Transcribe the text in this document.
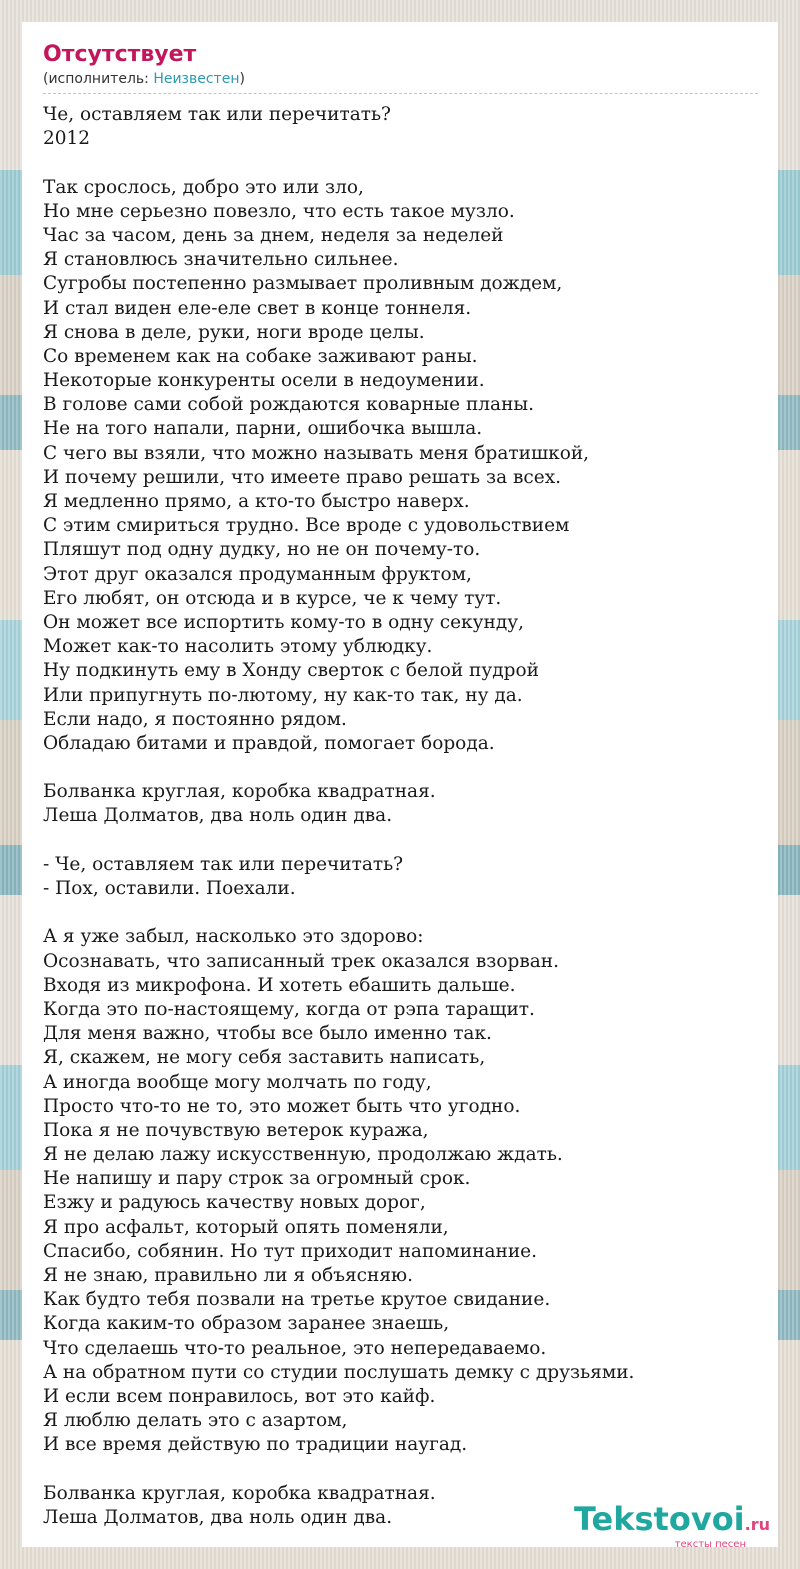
Отсутствует
(исполнитель: Неизвестен)
Че, оставляем так или перечитать?
2012
Так срослось, добро это или зло,
Но мне серьезно повезло, что есть такое музло.
Час за часом, день за днем, неделя за неделей
Я становлюсь значительно сильнее.
Сугробы постепенно размывает проливным дождем,
И стал виден еле-еле свет в конце тоннеля.
Я снова в деле, руки, ноги вроде целы.
Со временем как на собаке заживают раны.
Некоторые конкуренты осели в недоумении.
В голове сами собой рождаются коварные планы.
Не на того напали, парни, ошибочка вышла.
С чего вы взяли, что можно называть меня братишкой,
И почему решили, что имеете право решать за всех.
Я медленно прямо, а кто-то быстро наверх.
С этим смириться трудно. Все вроде с удовольствием
Пляшут под одну дудку, но не он почему-то.
Этот друг оказался продуманным фруктом,
Его любят, он отсюда и в курсе, че к чему тут.
Он может все испортить кому-то в одну секунду,
Может как-то насолить этому ублюдку.
Ну подкинуть ему в Хонду сверток с белой пудрой
Или припугнуть по-лютому, ну как-то так, ну да.
Если надо, я постоянно рядом.
Обладаю битами и правдой, помогает борода.
Болванка круглая, коробка квадратная.
Леша Долматов, два ноль один два.
- Че, оставляем так или перечитать?
- Пох, оставили. Поехали.
А я уже забыл, насколько это здорово:
Осознавать, что записанный трек оказался взорван.
Входя из микрофона. И хотеть ебашить дальше.
Когда это по-настоящему, когда от рэпа таращит.
Для меня важно, чтобы все было именно так.
Я, скажем, не могу себя заставить написать,
А иногда вообще могу молчать по году,
Просто что-то не то, это может быть что угодно.
Пока я не почувствую ветерок куража,
Я не делаю лажу искусственную, продолжаю ждать.
Не напишу и пару строк за огромный срок.
Езжу и радуюсь качеству новых дорог,
Я про асфальт, который опять поменяли,
Спасибо, собянин. Но тут приходит напоминание.
Я не знаю, правильно ли я объясняю.
Как будто тебя позвали на третье крутое свидание.
Когда каким-то образом заранее знаешь,
Что сделаешь что-то реальное, это непередаваемо.
А на обратном пути со студии послушать демку с друзьями.
И если всем понравилось, вот это кайф.
Я люблю делать это с азартом,
И все время действую по традиции наугад.
Болванка круглая, коробка квадратная.
Леша Долматов, два ноль один два.	Tekstovoi.ru
тексты песен
